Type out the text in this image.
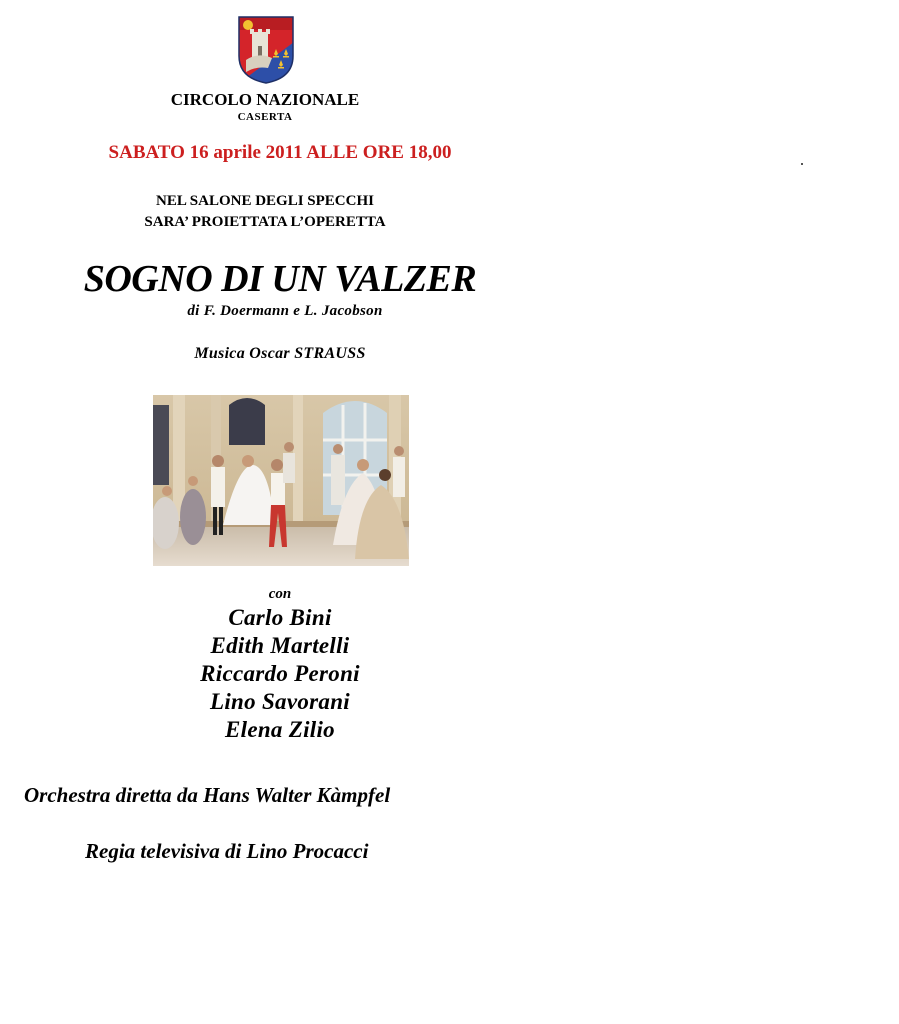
CIRCOLO NAZIONALE
CASERTA
SABATO 16 aprile 2011 ALLE ORE 18,00
NEL SALONE DEGLI SPECCHI
SARA’ PROIETTATA L’OPERETTA
SOGNO DI UN VALZER
di F. Doermann e L. Jacobson
Musica Oscar STRAUSS
con
Carlo Bini
Edith Martelli
Riccardo Peroni
Lino Savorani
Elena Zilio
Orchestra diretta da Hans Walter Kàmpfel
Regia televisiva di Lino Procacci
